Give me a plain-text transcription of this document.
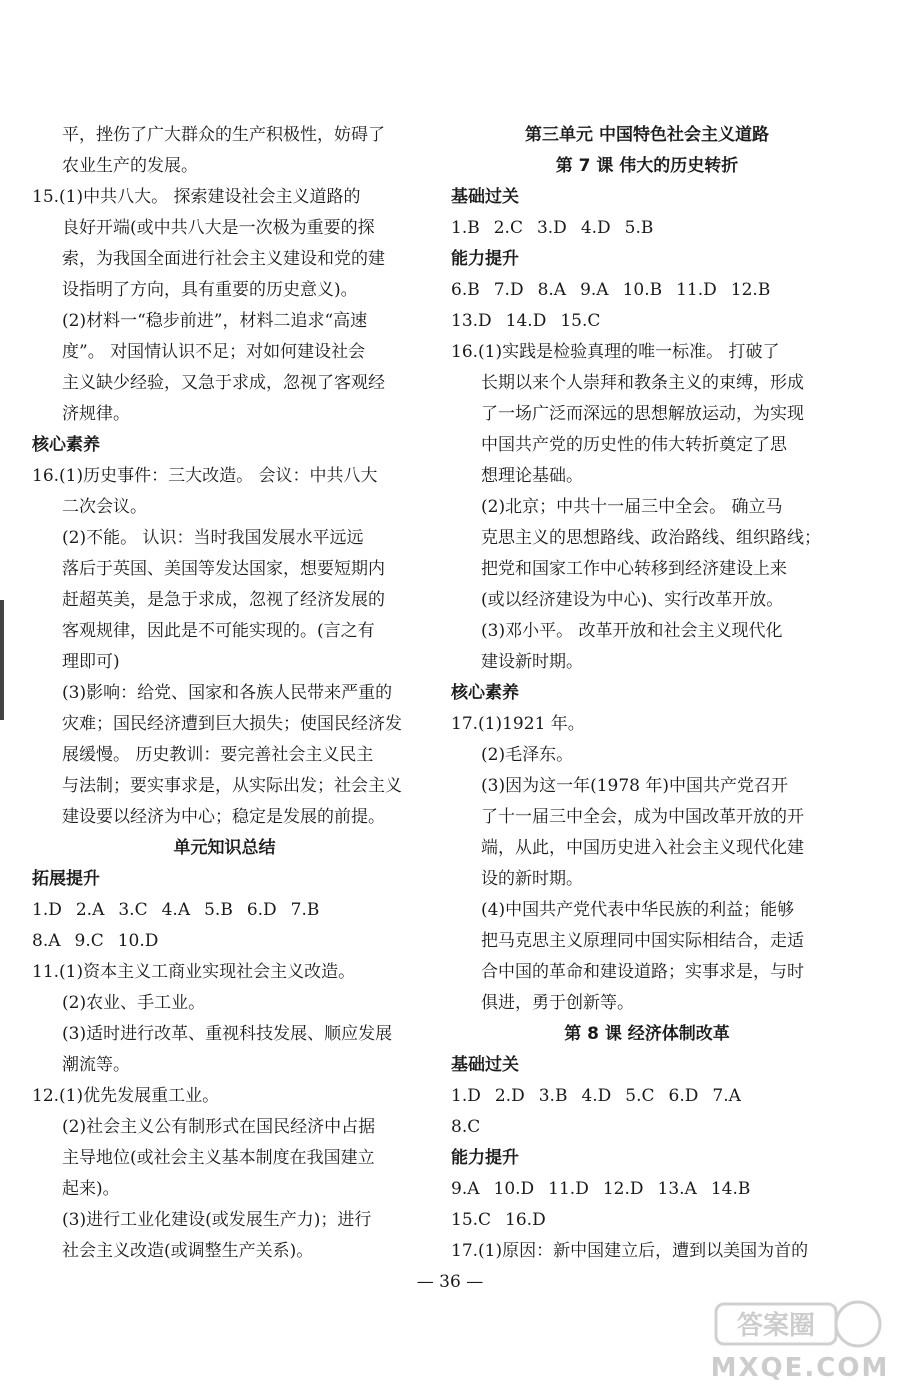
平，挫伤了广大群众的生产积极性，妨碍了
农业生产的发展。
15.(1)中共八大。 探索建设社会主义道路的
良好开端(或中共八大是一次极为重要的探
索，为我国全面进行社会主义建设和党的建
设指明了方向，具有重要的历史意义)。
(2)材料一“稳步前进”，材料二追求“高速
度”。 对国情认识不足；对如何建设社会
主义缺少经验，又急于求成，忽视了客观经
济规律。
核心素养
16.(1)历史事件：三大改造。 会议：中共八大
二次会议。
(2)不能。 认识：当时我国发展水平远远
落后于英国、美国等发达国家，想要短期内
赶超英美，是急于求成，忽视了经济发展的
客观规律，因此是不可能实现的。(言之有
理即可)
(3)影响：给党、国家和各族人民带来严重的
灾难；国民经济遭到巨大损失；使国民经济发
展缓慢。 历史教训：要完善社会主义民主
与法制；要实事求是，从实际出发；社会主义
建设要以经济为中心；稳定是发展的前提。
单元知识总结
拓展提升
1.D 2.A 3.C 4.A 5.B 6.D 7.B
8.A 9.C 10.D
11.(1)资本主义工商业实现社会主义改造。
(2)农业、手工业。
(3)适时进行改革、重视科技发展、顺应发展
潮流等。
12.(1)优先发展重工业。
(2)社会主义公有制形式在国民经济中占据
主导地位(或社会主义基本制度在我国建立
起来)。
(3)进行工业化建设(或发展生产力)；进行
社会主义改造(或调整生产关系)。
第三单元 中国特色社会主义道路
第 7 课 伟大的历史转折
基础过关
1.B 2.C 3.D 4.D 5.B
能力提升
6.B 7.D 8.A 9.A 10.B 11.D 12.B
13.D 14.D 15.C
16.(1)实践是检验真理的唯一标准。 打破了
长期以来个人崇拜和教条主义的束缚，形成
了一场广泛而深远的思想解放运动，为实现
中国共产党的历史性的伟大转折奠定了思
想理论基础。
(2)北京；中共十一届三中全会。 确立马
克思主义的思想路线、政治路线、组织路线；
把党和国家工作中心转移到经济建设上来
(或以经济建设为中心)、实行改革开放。
(3)邓小平。 改革开放和社会主义现代化
建设新时期。
核心素养
17.(1)1921 年。
(2)毛泽东。
(3)因为这一年(1978 年)中国共产党召开
了十一届三中全会，成为中国改革开放的开
端，从此，中国历史进入社会主义现代化建
设的新时期。
(4)中国共产党代表中华民族的利益；能够
把马克思主义原理同中国实际相结合，走适
合中国的革命和建设道路；实事求是，与时
俱进，勇于创新等。
第 8 课 经济体制改革
基础过关
1.D 2.D 3.B 4.D 5.C 6.D 7.A
8.C
能力提升
9.A 10.D 11.D 12.D 13.A 14.B
15.C 16.D
17.(1)原因：新中国建立后，遭到以美国为首的
— 36 —
答案圈
MXQE.COM
